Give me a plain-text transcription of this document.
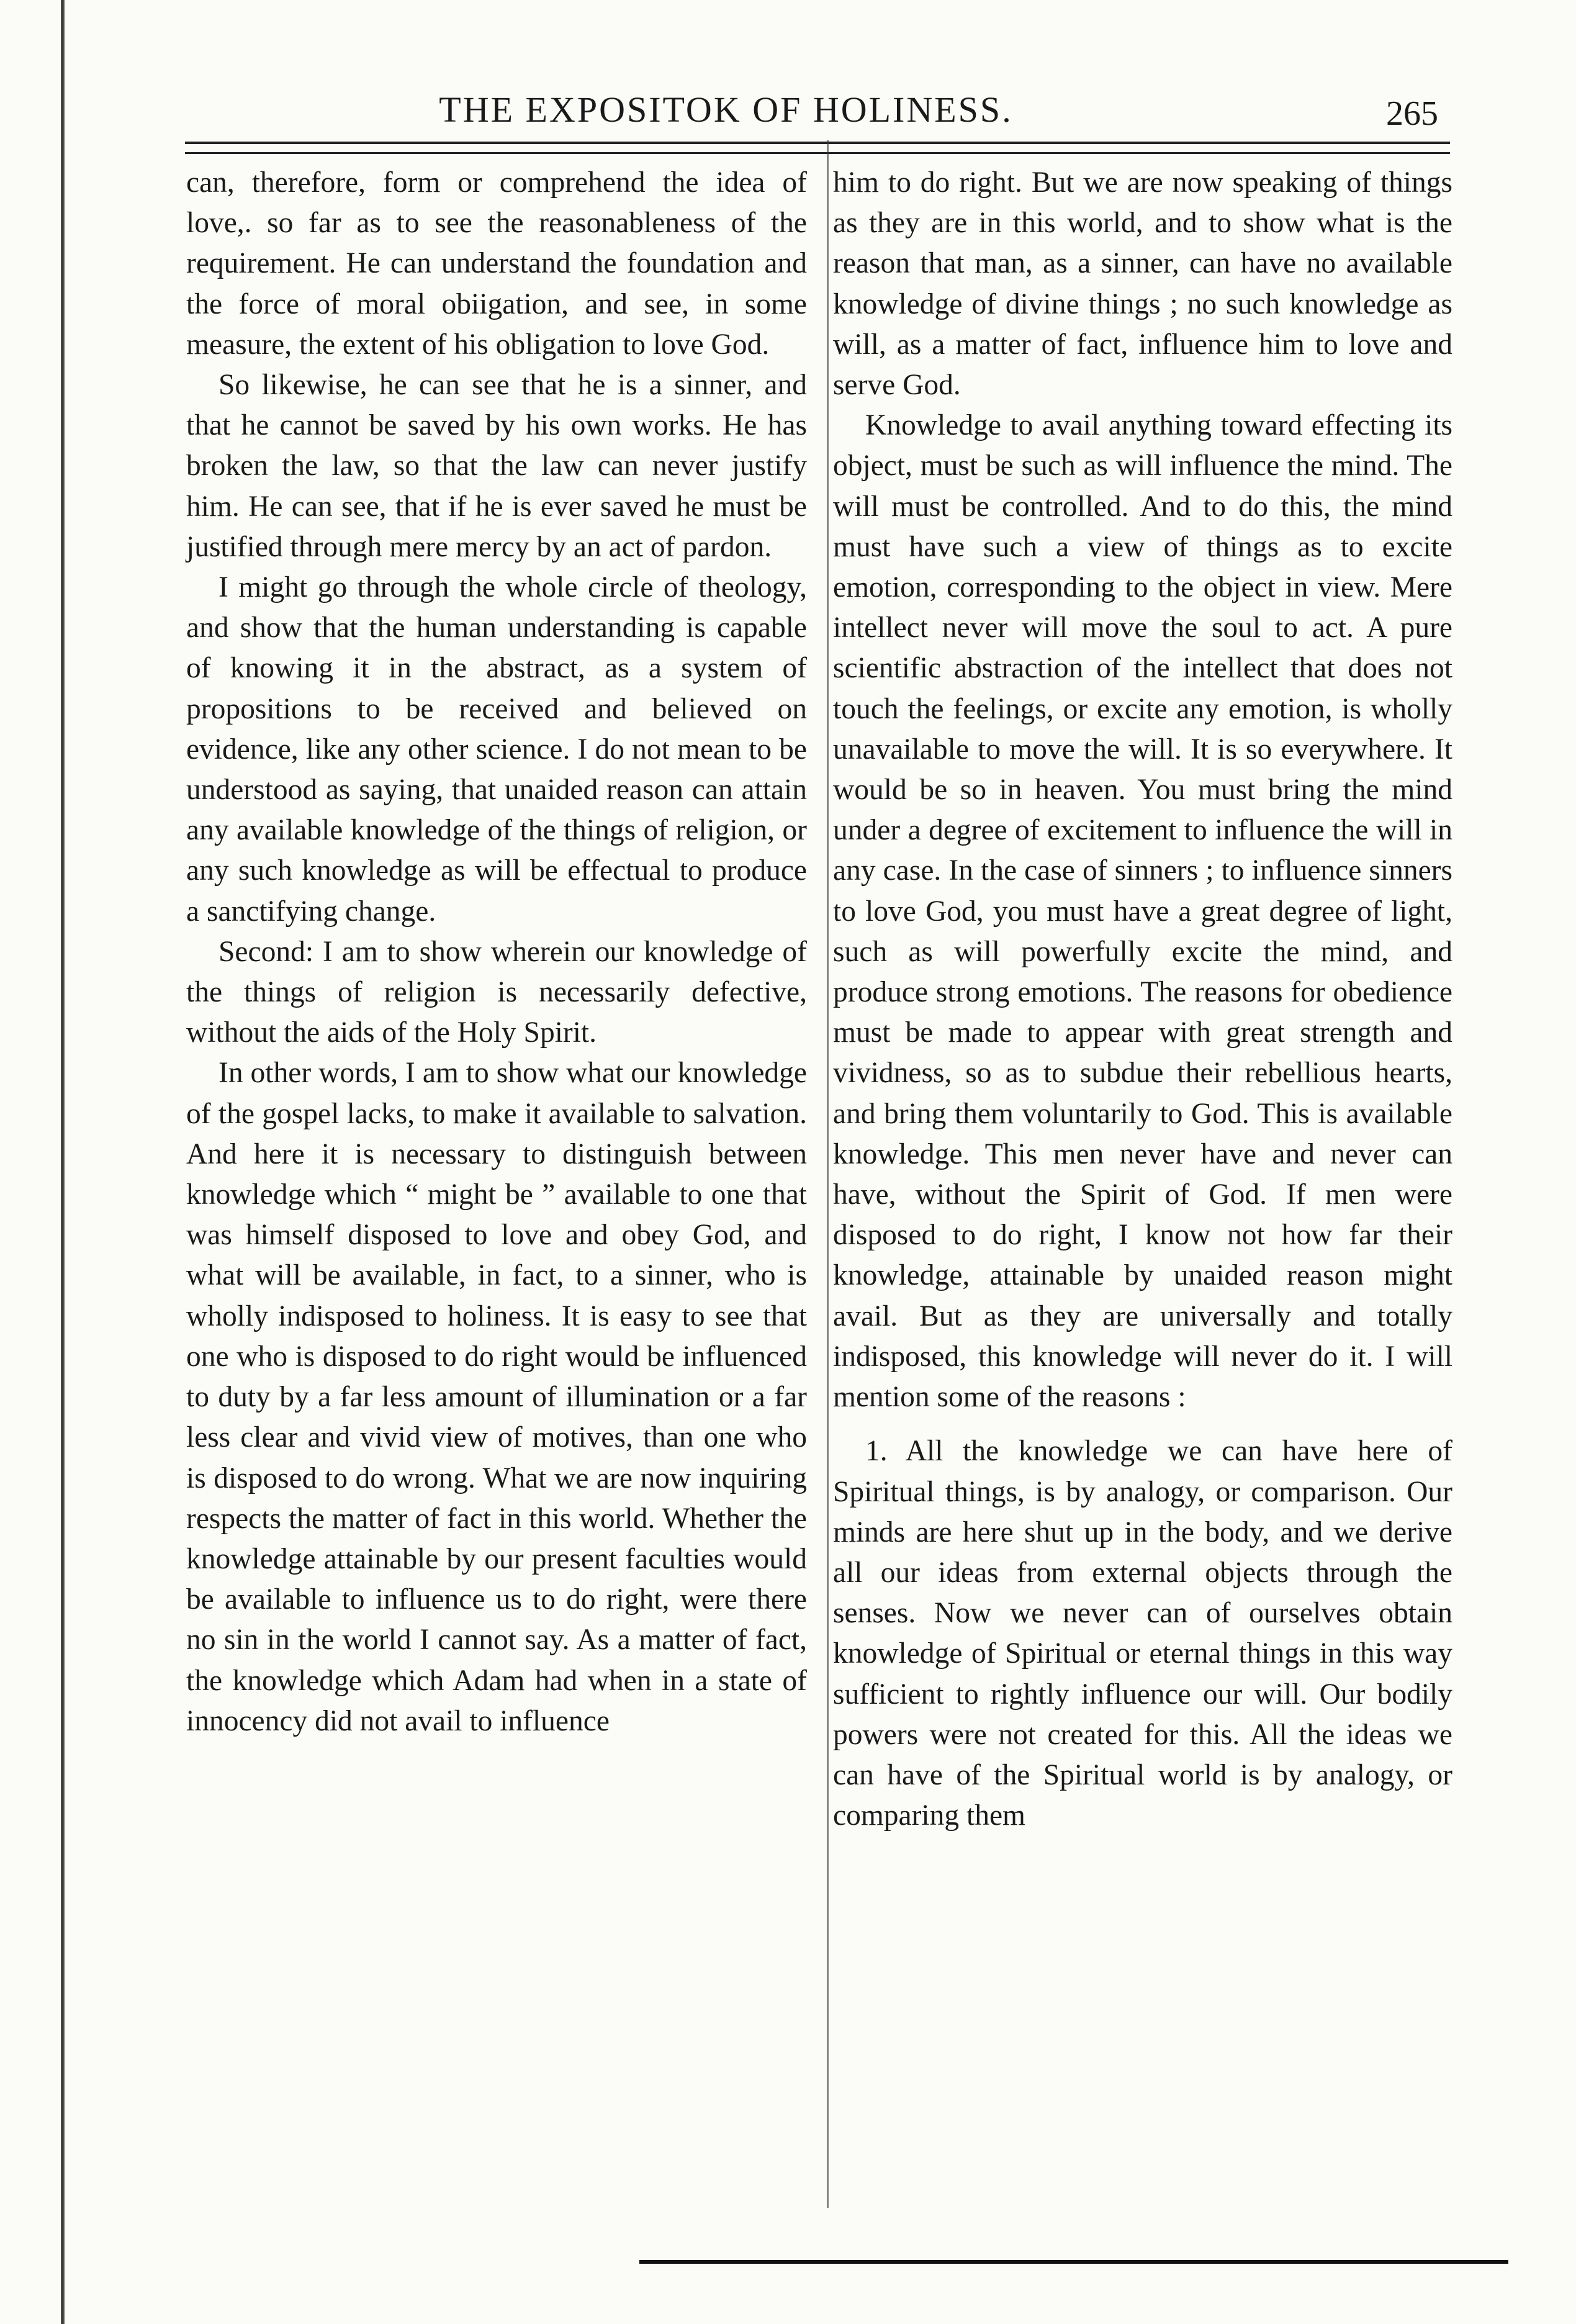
THE EXPOSITOK OF HOLINESS.	265

can, therefore, form or comprehend the idea of love,. so far as to see the reasonableness of the requirement. He can understand the foundation and the force of moral obiigation, and see, in some measure, the extent of his obligation to love God.

So likewise, he can see that he is a sinner, and that he cannot be saved by his own works. He has broken the law, so that the law can never justify him. He can see, that if he is ever saved he must be justified through mere mercy by an act of pardon.

I might go through the whole circle of theology, and show that the human understanding is capable of knowing it in the abstract, as a system of propositions to be received and believed on evidence, like any other science. I do not mean to be understood as saying, that unaided reason can attain any available knowledge of the things of religion, or any such knowledge as will be effectual to produce a sanctifying change.

Second: I am to show wherein our knowledge of the things of religion is necessarily defective, without the aids of the Holy Spirit.

In other words, I am to show what our knowledge of the gospel lacks, to make it available to salvation. And here it is necessary to distinguish between knowledge which “ might be ” available to one that was himself disposed to love and obey God, and what will be available, in fact, to a sinner, who is wholly indisposed to holiness. It is easy to see that one who is disposed to do right would be influenced to duty by a far less amount of illumination or a far less clear and vivid view of motives, than one who is disposed to do wrong. What we are now inquiring respects the matter of fact in this world. Whether the knowledge attainable by our present faculties would be available to influence us to do right, were there no sin in the world I cannot say. As a matter of fact, the knowledge which Adam had when in a state of innocency did not avail to influence

him to do right. But we are now speaking of things as they are in this world, and to show what is the reason that man, as a sinner, can have no available knowledge of divine things ; no such knowledge as will, as a matter of fact, influence him to love and serve God.

Knowledge to avail anything toward effecting its object, must be such as will influence the mind. The will must be controlled. And to do this, the mind must have such a view of things as to excite emotion, corresponding to the object in view. Mere intellect never will move the soul to act. A pure scientific abstraction of the intellect that does not touch the feelings, or excite any emotion, is wholly unavailable to move the will. It is so everywhere. It would be so in heaven. You must bring the mind under a degree of excitement to influence the will in any case. In the case of sinners ; to influence sinners to love God, you must have a great degree of light, such as will powerfully excite the mind, and produce strong emotions. The reasons for obedience must be made to appear with great strength and vividness, so as to subdue their rebellious hearts, and bring them voluntarily to God. This is available knowledge. This men never have and never can have, without the Spirit of God. If men were disposed to do right, I know not how far their knowledge, attainable by unaided reason might avail. But as they are universally and totally indisposed, this knowledge will never do it. I will mention some of the reasons :

1. All the knowledge we can have here of Spiritual things, is by analogy, or comparison. Our minds are here shut up in the body, and we derive all our ideas from external objects through the senses. Now we never can of ourselves obtain knowledge of Spiritual or eternal things in this way sufficient to rightly influence our will. Our bodily powers were not created for this. All the ideas we can have of the Spiritual world is by analogy, or comparing them
